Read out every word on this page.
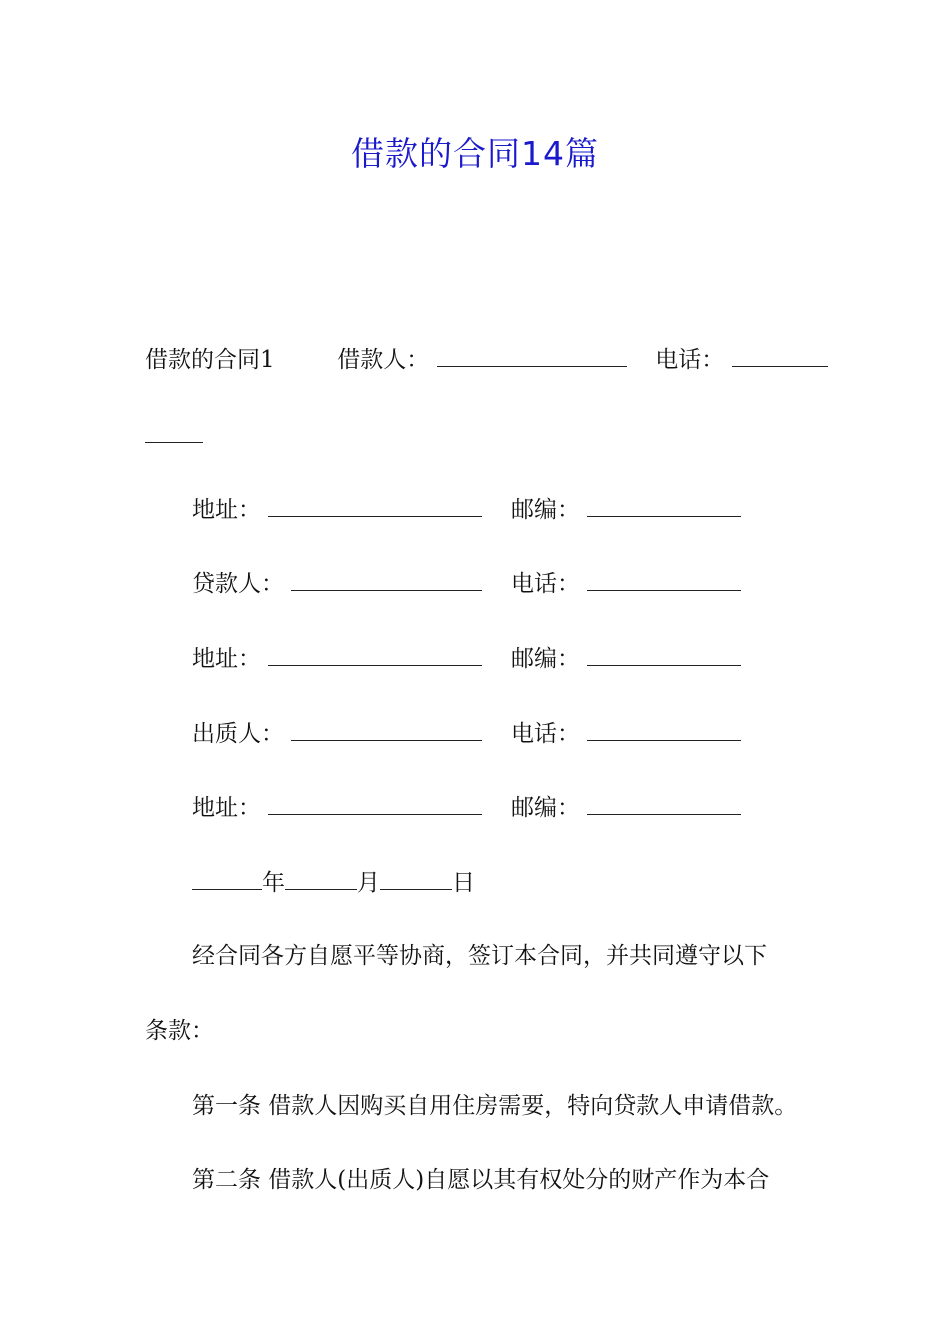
借款的合同14篇
借款的合同1	借款人：	电话：
地址：	邮编：
贷款人：	电话：
地址：	邮编：
出质人：	电话：
地址：	邮编：
年	月	日
经合同各方自愿平等协商，签订本合同，并共同遵守以下
条款：
第一条 借款人因购买自用住房需要，特向贷款人申请借款。
第二条 借款人(出质人)自愿以其有权处分的财产作为本合
